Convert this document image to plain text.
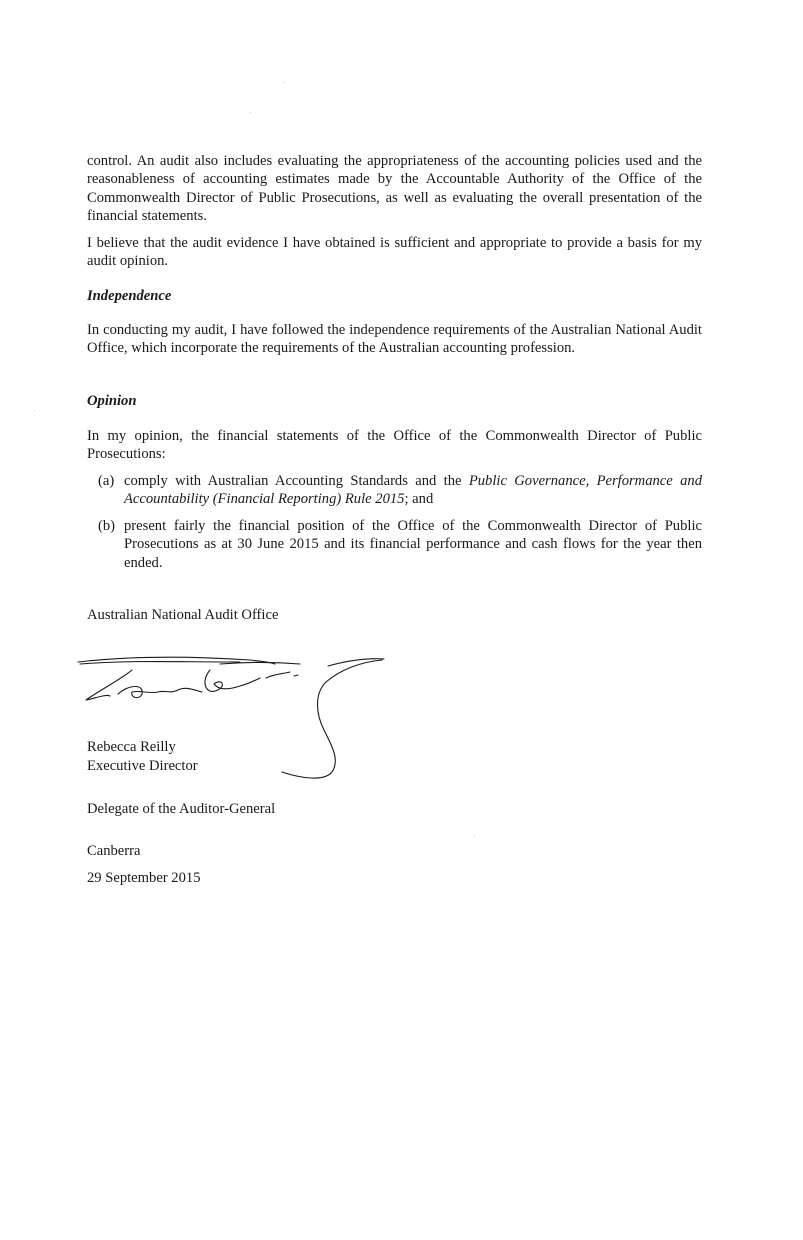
control. An audit also includes evaluating the appropriateness of the accounting policies used and the reasonableness of accounting estimates made by the Accountable Authority of the Office of the Commonwealth Director of Public Prosecutions, as well as evaluating the overall presentation of the financial statements.
I believe that the audit evidence I have obtained is sufficient and appropriate to provide a basis for my audit opinion.
Independence
In conducting my audit, I have followed the independence requirements of the Australian National Audit Office, which incorporate the requirements of the Australian accounting profession.
Opinion
In my opinion, the financial statements of the Office of the Commonwealth Director of Public Prosecutions:
(a) comply with Australian Accounting Standards and the Public Governance, Performance and Accountability (Financial Reporting) Rule 2015; and
(b) present fairly the financial position of the Office of the Commonwealth Director of Public Prosecutions as at 30 June 2015 and its financial performance and cash flows for the year then ended.
Australian National Audit Office
Rebecca Reilly
Executive Director
Delegate of the Auditor-General
Canberra
29 September 2015
